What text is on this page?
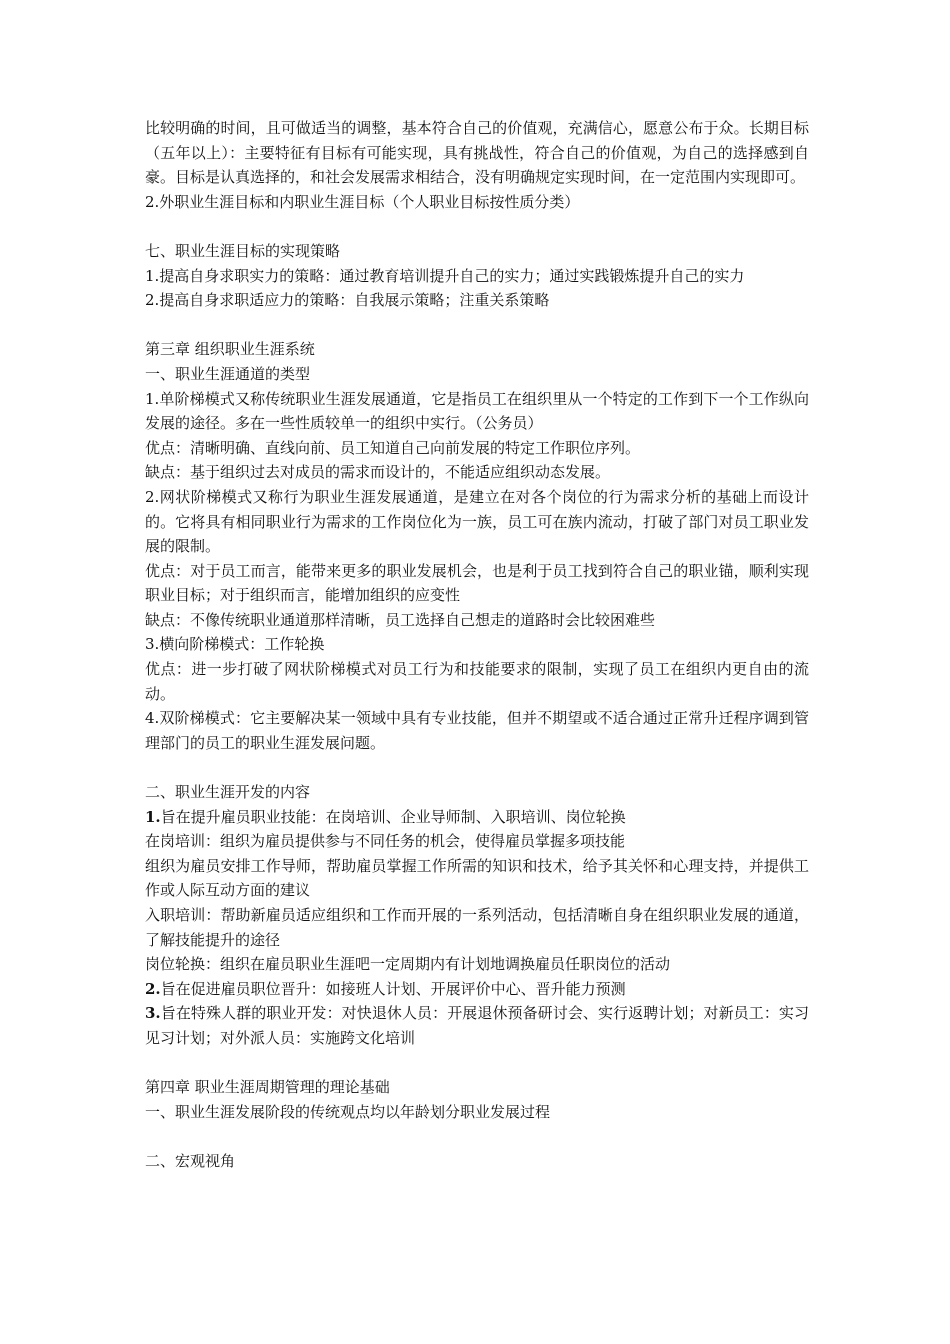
比较明确的时间，且可做适当的调整，基本符合自己的价值观，充满信心，愿意公布于众。长期目标（五年以上）：主要特征有目标有可能实现，具有挑战性，符合自己的价值观，为自己的选择感到自豪。目标是认真选择的，和社会发展需求相结合，没有明确规定实现时间，在一定范围内实现即可。

2.外职业生涯目标和内职业生涯目标（个人职业目标按性质分类）

七、职业生涯目标的实现策略

1.提高自身求职实力的策略：通过教育培训提升自己的实力；通过实践锻炼提升自己的实力

2.提高自身求职适应力的策略：自我展示策略；注重关系策略

第三章 组织职业生涯系统

一、职业生涯通道的类型

1.单阶梯模式又称传统职业生涯发展通道，它是指员工在组织里从一个特定的工作到下一个工作纵向发展的途径。多在一些性质较单一的组织中实行。（公务员）

优点：清晰明确、直线向前、员工知道自己向前发展的特定工作职位序列。

缺点：基于组织过去对成员的需求而设计的，不能适应组织动态发展。

2.网状阶梯模式又称行为职业生涯发展通道，是建立在对各个岗位的行为需求分析的基础上而设计的。它将具有相同职业行为需求的工作岗位化为一族，员工可在族内流动，打破了部门对员工职业发展的限制。

优点：对于员工而言，能带来更多的职业发展机会，也是利于员工找到符合自己的职业锚，顺利实现职业目标；对于组织而言，能增加组织的应变性

缺点：不像传统职业通道那样清晰，员工选择自己想走的道路时会比较困难些

3.横向阶梯模式：工作轮换

优点：进一步打破了网状阶梯模式对员工行为和技能要求的限制，实现了员工在组织内更自由的流动。

4.双阶梯模式：它主要解决某一领域中具有专业技能，但并不期望或不适合通过正常升迁程序调到管理部门的员工的职业生涯发展问题。

二、职业生涯开发的内容

1.旨在提升雇员职业技能：在岗培训、企业导师制、入职培训、岗位轮换

在岗培训：组织为雇员提供参与不同任务的机会，使得雇员掌握多项技能

组织为雇员安排工作导师，帮助雇员掌握工作所需的知识和技术，给予其关怀和心理支持，并提供工作或人际互动方面的建议

入职培训：帮助新雇员适应组织和工作而开展的一系列活动，包括清晰自身在组织职业发展的通道，了解技能提升的途径

岗位轮换：组织在雇员职业生涯吧一定周期内有计划地调换雇员任职岗位的活动

2.旨在促进雇员职位晋升：如接班人计划、开展评价中心、晋升能力预测

3.旨在特殊人群的职业开发：对快退休人员：开展退休预备研讨会、实行返聘计划；对新员工：实习见习计划；对外派人员：实施跨文化培训

第四章 职业生涯周期管理的理论基础

一、职业生涯发展阶段的传统观点均以年龄划分职业发展过程

二、宏观视角
